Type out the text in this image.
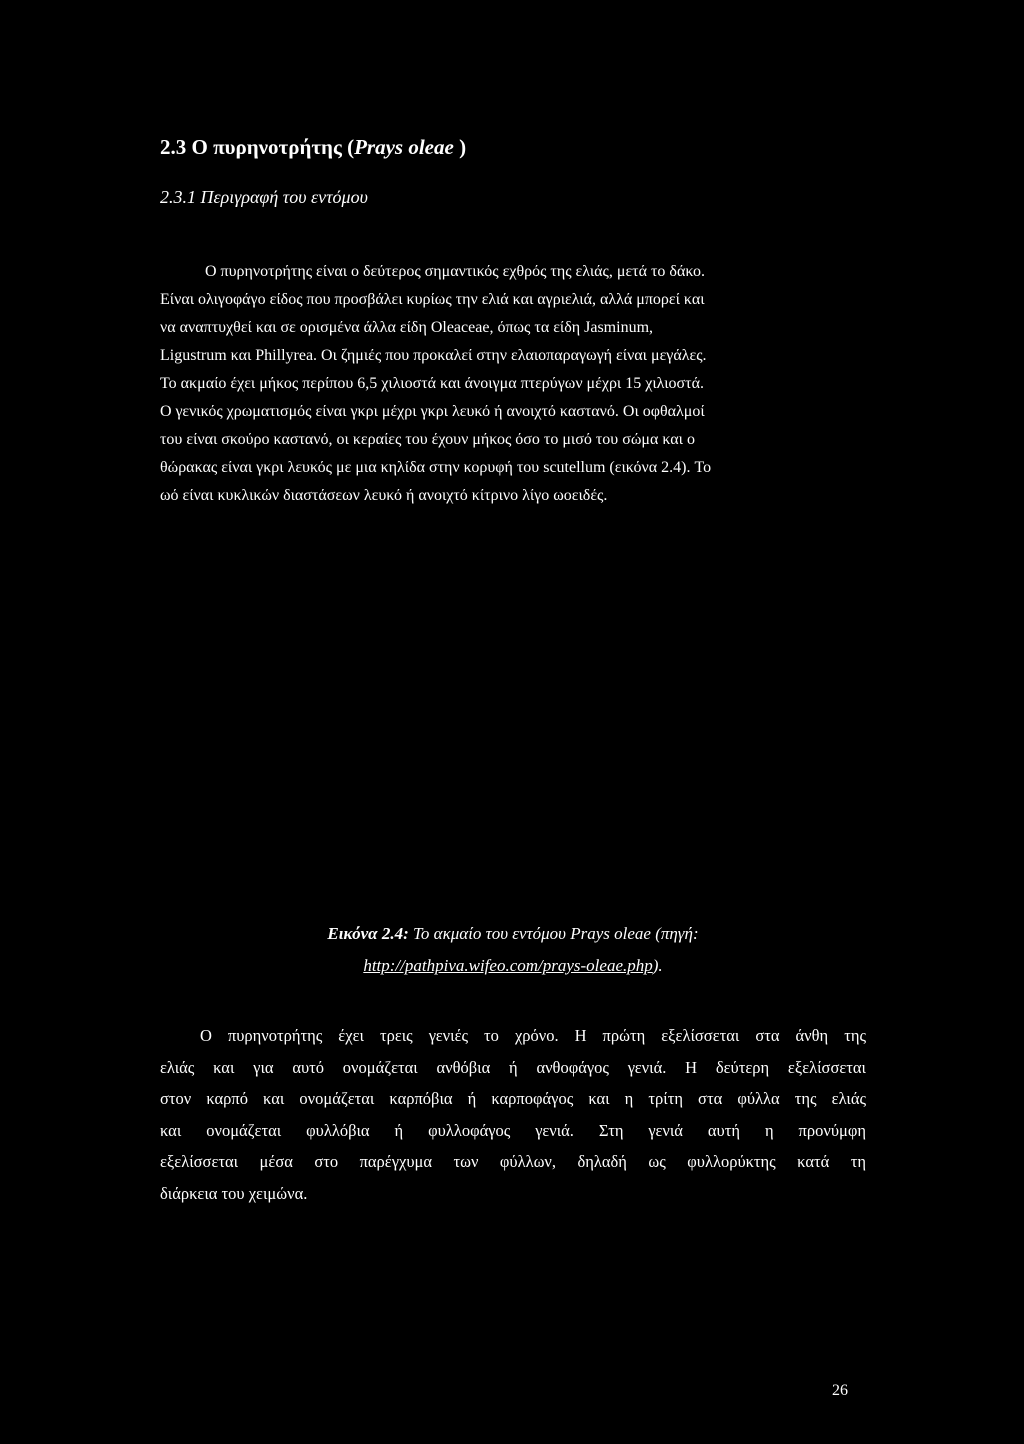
2.3 Ο πυρηνοτρήτης (Prays oleae )
2.3.1 Περιγραφή του εντόμου
Ο πυρηνοτρήτης είναι ο δεύτερος σημαντικός εχθρός της ελιάς, μετά το δάκο.
Είναι ολιγοφάγο είδος που προσβάλει κυρίως την ελιά και αγριελιά, αλλά μπορεί και
να αναπτυχθεί και σε ορισμένα άλλα είδη Oleaceae, όπως τα είδη Jasminum,
Ligustrum και Phillyrea. Οι ζημιές που προκαλεί στην ελαιοπαραγωγή είναι μεγάλες.
Το ακμαίο έχει μήκος περίπου 6,5 χιλιοστά και άνοιγμα πτερύγων μέχρι 15 χιλιοστά.
Ο γενικός χρωματισμός είναι γκρι μέχρι γκρι λευκό ή ανοιχτό καστανό. Οι οφθαλμοί
του είναι σκούρο καστανό, οι κεραίες του έχουν μήκος όσο το μισό του σώμα και ο
θώρακας είναι γκρι λευκός με μια κηλίδα στην κορυφή του scutellum (εικόνα 2.4). Το
ωό είναι κυκλικών διαστάσεων λευκό ή ανοιχτό κίτρινο λίγο ωοειδές.
Εικόνα 2.4: Το ακμαίο του εντόμου Prays oleae (πηγή:
http://pathpiva.wifeo.com/prays-oleae.php).
Ο πυρηνοτρήτης έχει τρεις γενιές το χρόνο. Η πρώτη εξελίσσεται στα άνθη της
ελιάς και για αυτό ονομάζεται ανθόβια ή ανθοφάγος γενιά. Η δεύτερη εξελίσσεται
στον καρπό και ονομάζεται καρπόβια ή καρποφάγος και η τρίτη στα φύλλα της ελιάς
και ονομάζεται φυλλόβια ή φυλλοφάγος γενιά. Στη γενιά αυτή η προνύμφη
εξελίσσεται μέσα στο παρέγχυμα των φύλλων, δηλαδή ως φυλλορύκτης κατά τη
διάρκεια του χειμώνα.
26
